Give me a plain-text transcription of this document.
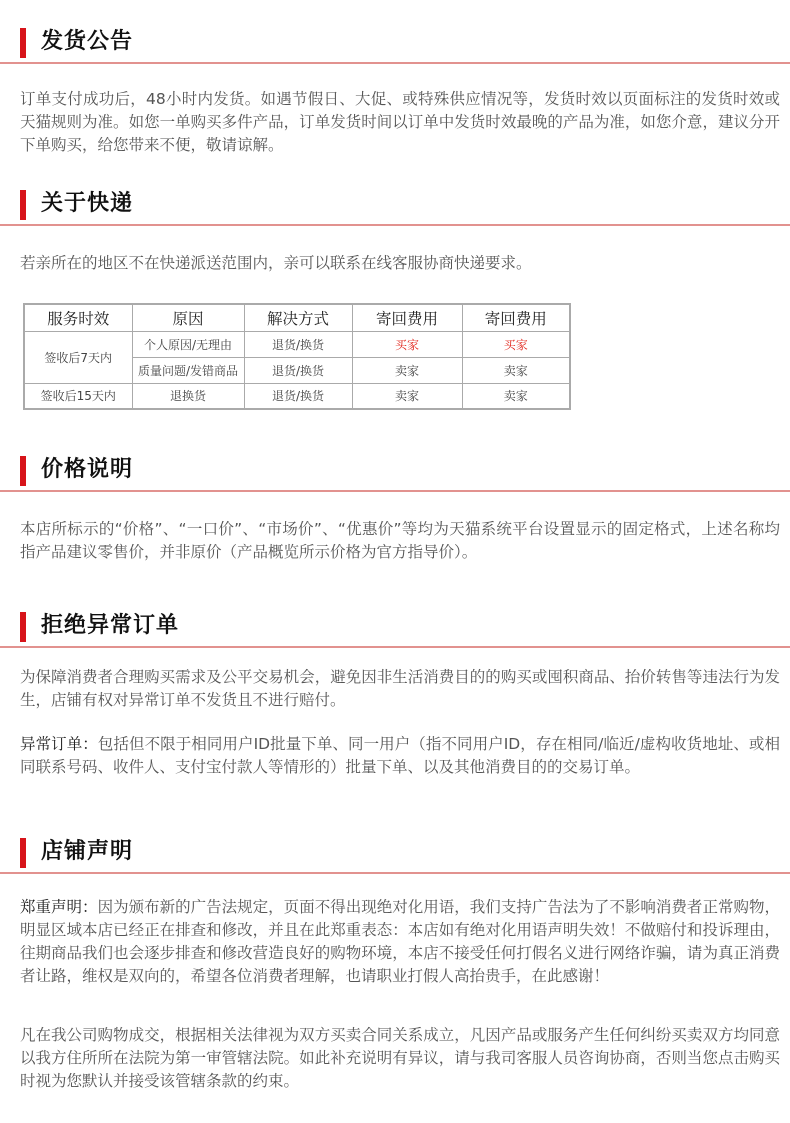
发货公告

订单支付成功后，48小时内发货。如遇节假日、大促、或特殊供应情况等，发货时效以页面标注的发货时效或天猫规则为准。如您一单购买多件产品，订单发货时间以订单中发货时效最晚的产品为准，如您介意，建议分开下单购买，给您带来不便，敬请谅解。

关于快递

若亲所在的地区不在快递派送范围内，亲可以联系在线客服协商快递要求。

服务时效	原因	解决方式	寄回费用	寄回费用
签收后7天内	个人原因/无理由	退货/换货	买家	买家
	质量问题/发错商品	退货/换货	卖家	卖家
签收后15天内	退换货	退货/换货	卖家	卖家
价格说明

本店所标示的“价格”、“一口价”、“市场价”、“优惠价”等均为天猫系统平台设置显示的固定格式，上述名称均指产品建议零售价，并非原价（产品概览所示价格为官方指导价）。

拒绝异常订单

为保障消费者合理购买需求及公平交易机会，避免因非生活消费目的的购买或囤积商品、抬价转售等违法行为发生，店铺有权对异常订单不发货且不进行赔付。

异常订单：包括但不限于相同用户ID批量下单、同一用户（指不同用户ID，存在相同/临近/虚构收货地址、或相同联系号码、收件人、支付宝付款人等情形的）批量下单、以及其他消费目的的交易订单。

店铺声明

郑重声明：因为颁布新的广告法规定，页面不得出现绝对化用语，我们支持广告法为了不影响消费者正常购物，明显区域本店已经正在排查和修改，并且在此郑重表态：本店如有绝对化用语声明失效！不做赔付和投诉理由，往期商品我们也会逐步排查和修改营造良好的购物环境，本店不接受任何打假名义进行网络诈骗，请为真正消费者让路，维权是双向的，希望各位消费者理解，也请职业打假人高抬贵手，在此感谢！

凡在我公司购物成交，根据相关法律视为双方买卖合同关系成立，凡因产品或服务产生任何纠纷买卖双方均同意以我方住所所在法院为第一审管辖法院。如此补充说明有异议，请与我司客服人员咨询协商，否则当您点击购买时视为您默认并接受该管辖条款的约束。
